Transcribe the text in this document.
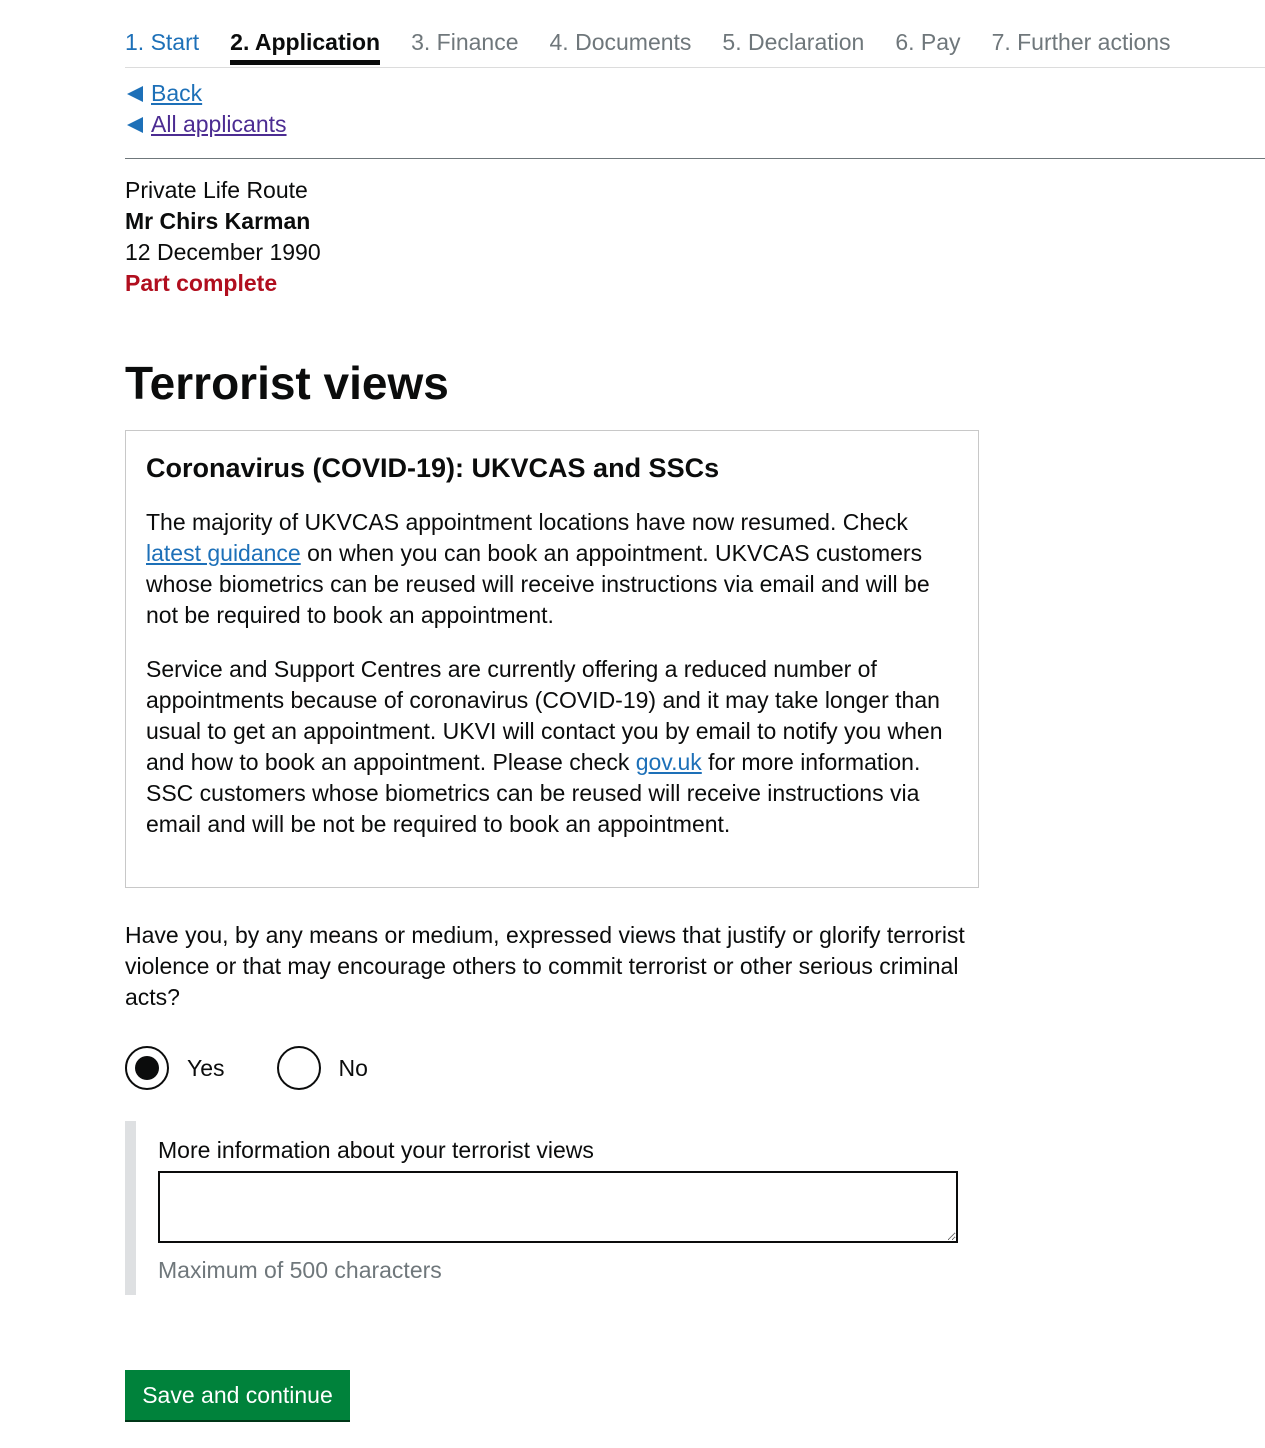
1. Start 2. Application 3. Finance 4. Documents 5. Declaration 6. Pay 7. Further actions
Back
All applicants
Private Life Route
Mr Chirs Karman
12 December 1990
Part complete
Terrorist views
Coronavirus (COVID-19): UKVCAS and SSCs

The majority of UKVCAS appointment locations have now resumed. Check latest guidance on when you can book an appointment. UKVCAS customers whose biometrics can be reused will receive instructions via email and will be not be required to book an appointment.

Service and Support Centres are currently offering a reduced number of appointments because of coronavirus (COVID-19) and it may take longer than usual to get an appointment. UKVI will contact you by email to notify you when and how to book an appointment. Please check gov.uk for more information. SSC customers whose biometrics can be reused will receive instructions via email and will be not be required to book an appointment.

Have you, by any means or medium, expressed views that justify or glorify terrorist violence or that may encourage others to commit terrorist or other serious criminal acts?
Yes	No
More information about your terrorist views
Maximum of 500 characters
Save and continue
